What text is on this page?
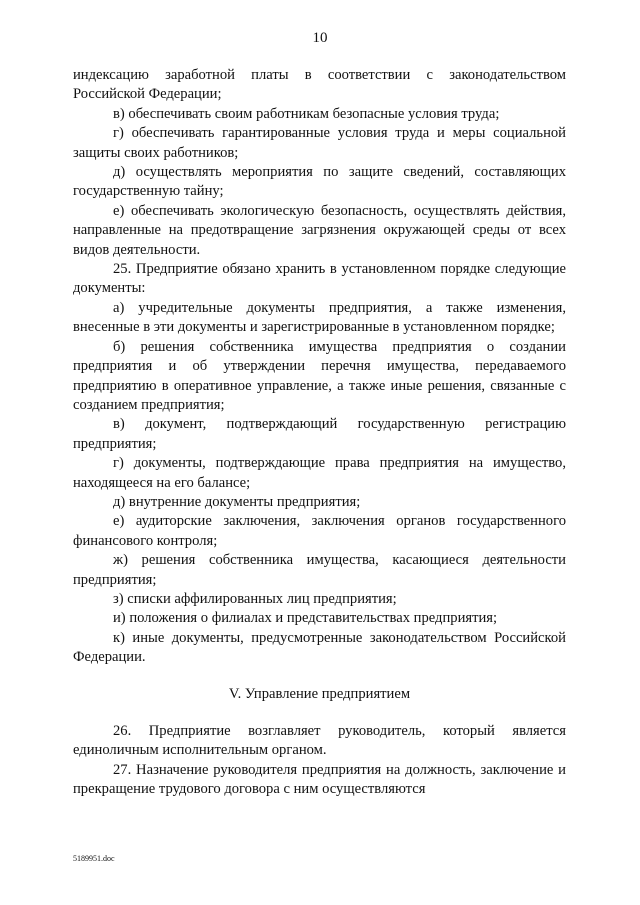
10

индексацию заработной платы в соответствии с законодательством Российской Федерации;

в) обеспечивать своим работникам безопасные условия труда;

г) обеспечивать гарантированные условия труда и меры социальной защиты своих работников;

д) осуществлять мероприятия по защите сведений, составляющих государственную тайну;

е) обеспечивать экологическую безопасность, осуществлять действия, направленные на предотвращение загрязнения окружающей среды от всех видов деятельности.

25. Предприятие обязано хранить в установленном порядке следующие документы:

а) учредительные документы предприятия, а также изменения, внесенные в эти документы и зарегистрированные в установленном порядке;

б) решения собственника имущества предприятия о создании предприятия и об утверждении перечня имущества, передаваемого предприятию в оперативное управление, а также иные решения, связанные с созданием предприятия;

в) документ, подтверждающий государственную регистрацию предприятия;

г) документы, подтверждающие права предприятия на имущество, находящееся на его балансе;

д) внутренние документы предприятия;

е) аудиторские заключения, заключения органов государственного финансового контроля;

ж) решения собственника имущества, касающиеся деятельности предприятия;

з) списки аффилированных лиц предприятия;

и) положения о филиалах и представительствах предприятия;

к) иные документы, предусмотренные законодательством Российской Федерации.

V. Управление предприятием

26. Предприятие возглавляет руководитель, который является единоличным исполнительным органом.

27. Назначение руководителя предприятия на должность, заключение и прекращение трудового договора с ним осуществляются

5189951.doc
